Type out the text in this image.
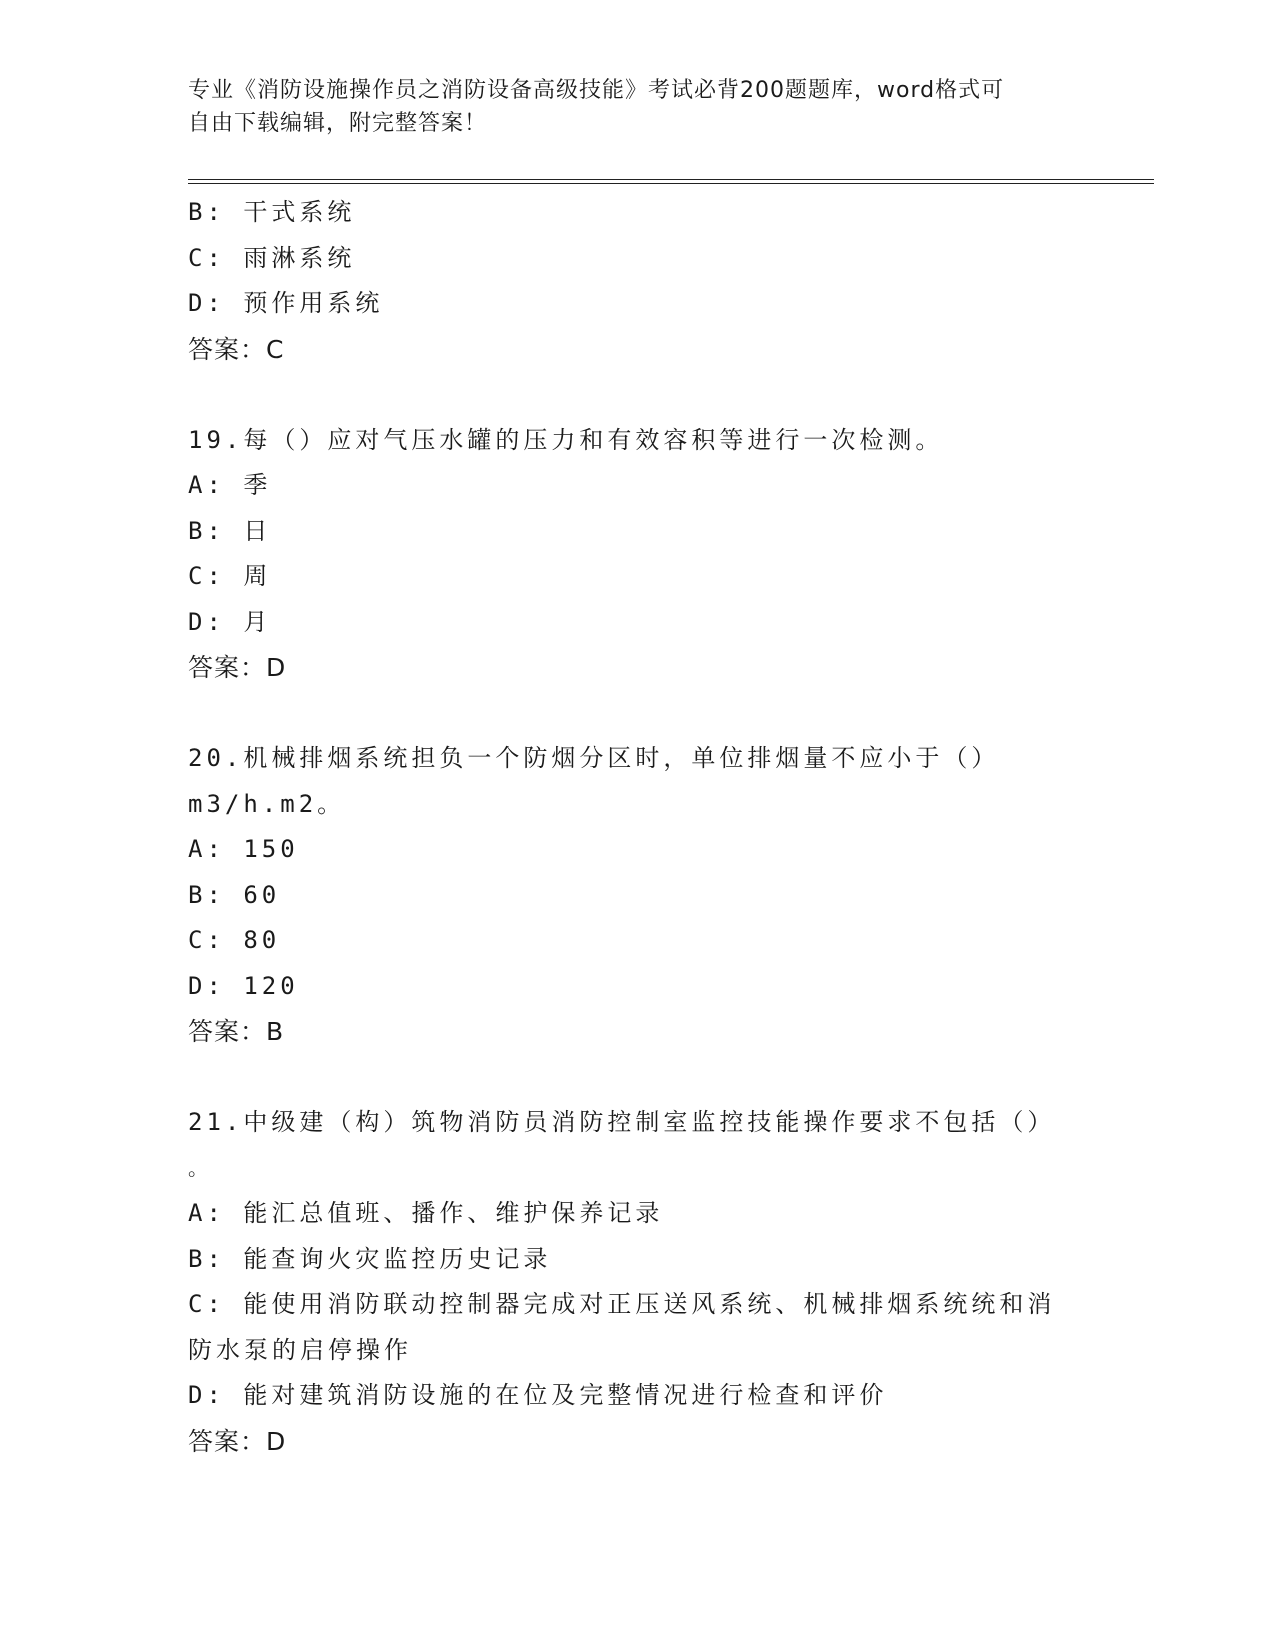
专业《消防设施操作员之消防设备高级技能》考试必背200题题库，word格式可
自由下载编辑，附完整答案！
B: 干式系统
C: 雨淋系统
D: 预作用系统
答案：C
19.每（）应对气压水罐的压力和有效容积等进行一次检测。
A: 季
B: 日
C: 周
D: 月
答案：D
20.机械排烟系统担负一个防烟分区时，单位排烟量不应小于（）
m3/h.m2。
A: 150
B: 60
C: 80
D: 120
答案：B
21.中级建（构）筑物消防员消防控制室监控技能操作要求不包括（）
。
A: 能汇总值班、播作、维护保养记录
B: 能查询火灾监控历史记录
C: 能使用消防联动控制器完成对正压送风系统、机械排烟系统统和消
防水泵的启停操作
D: 能对建筑消防设施的在位及完整情况进行检查和评价
答案：D
